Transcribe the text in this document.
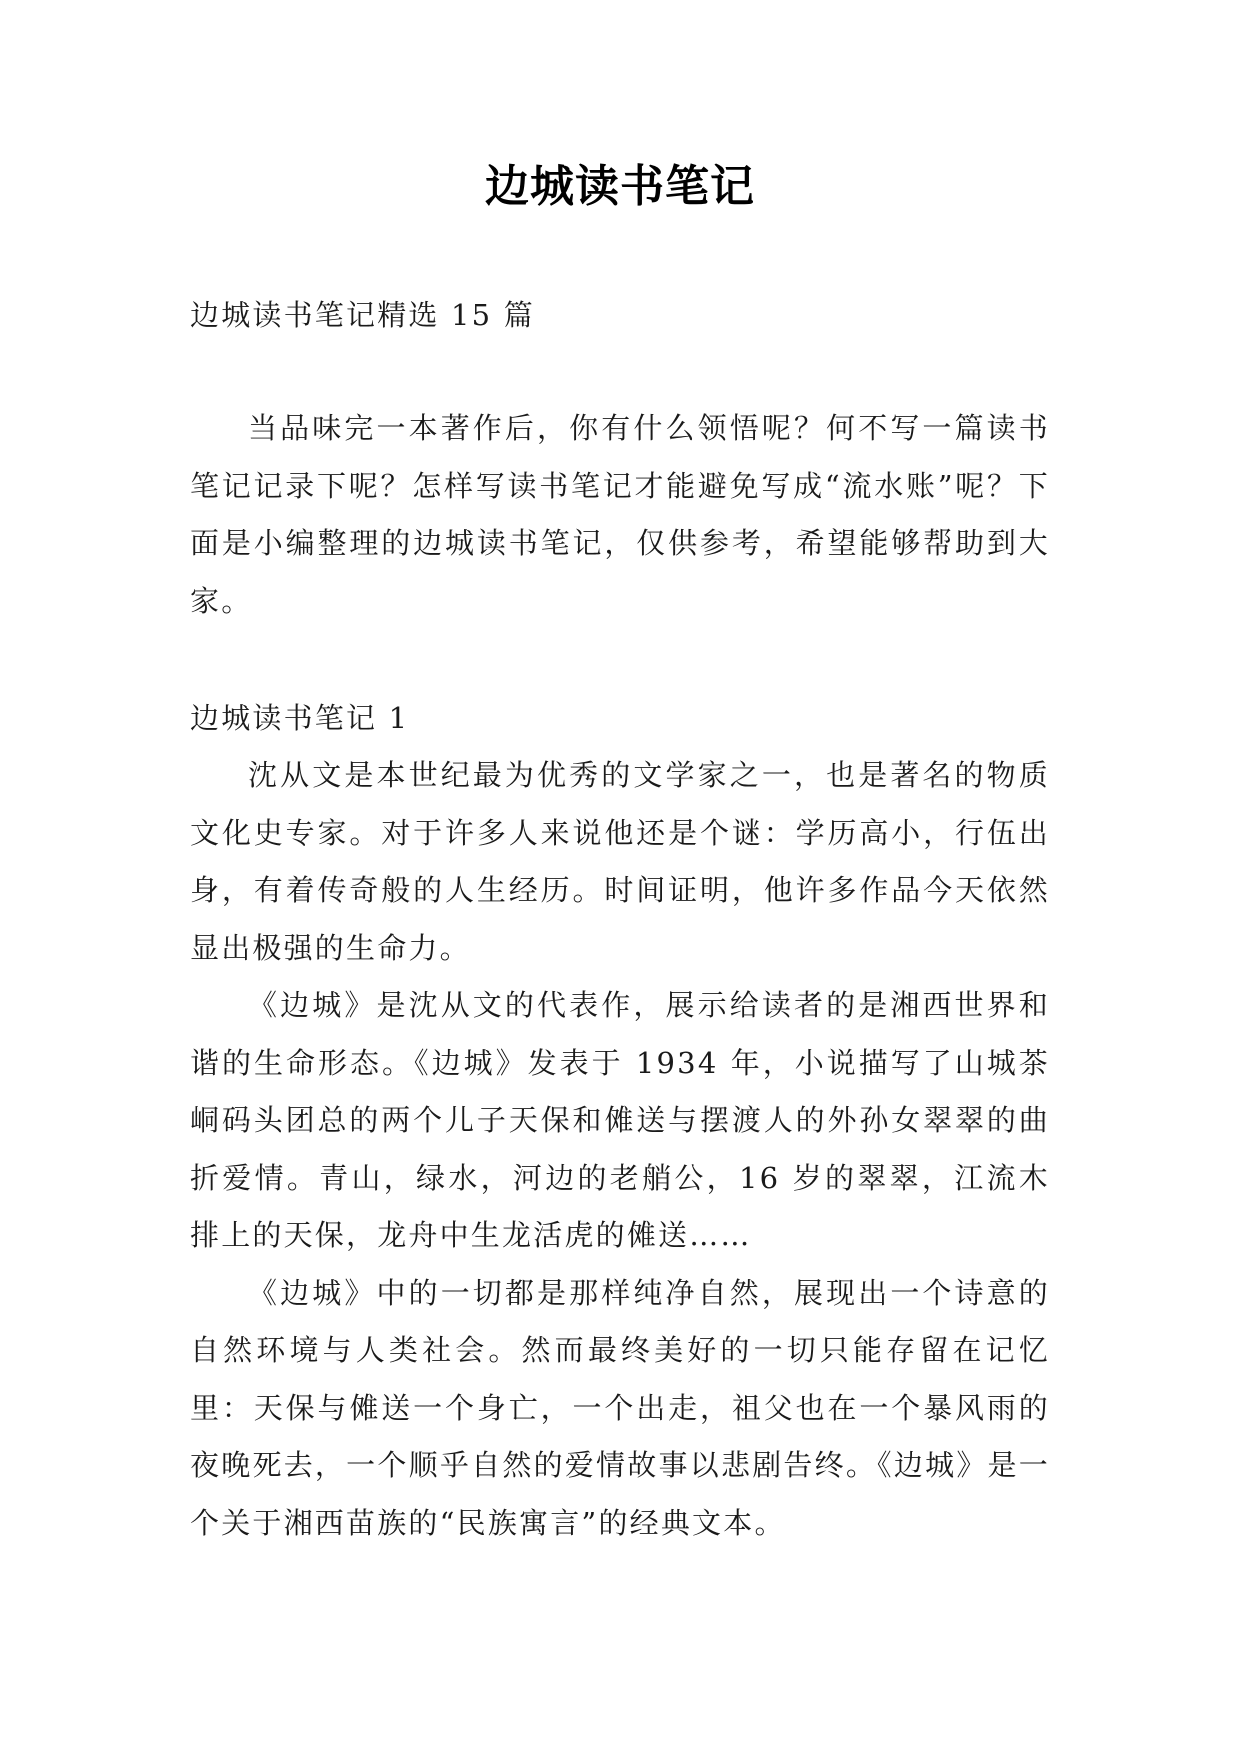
边城读书笔记

边城读书笔记精选 15 篇

当品味完一本著作后，你有什么领悟呢？何不写一篇读书笔记记录下呢？怎样写读书笔记才能避免写成“流水账”呢？下面是小编整理的边城读书笔记，仅供参考，希望能够帮助到大家。

边城读书笔记 1

沈从文是本世纪最为优秀的文学家之一，也是著名的物质文化史专家。对于许多人来说他还是个谜：学历高小，行伍出身，有着传奇般的人生经历。时间证明，他许多作品今天依然显出极强的生命力。

《边城》是沈从文的代表作，展示给读者的是湘西世界和谐的生命形态。《边城》发表于 1934 年，小说描写了山城茶峒码头团总的两个儿子天保和傩送与摆渡人的外孙女翠翠的曲折爱情。青山，绿水，河边的老艄公，16 岁的翠翠，江流木排上的天保，龙舟中生龙活虎的傩送……

《边城》中的一切都是那样纯净自然，展现出一个诗意的自然环境与人类社会。然而最终美好的一切只能存留在记忆里：天保与傩送一个身亡，一个出走，祖父也在一个暴风雨的夜晚死去，一个顺乎自然的爱情故事以悲剧告终。《边城》是一个关于湘西苗族的“民族寓言”的经典文本。
